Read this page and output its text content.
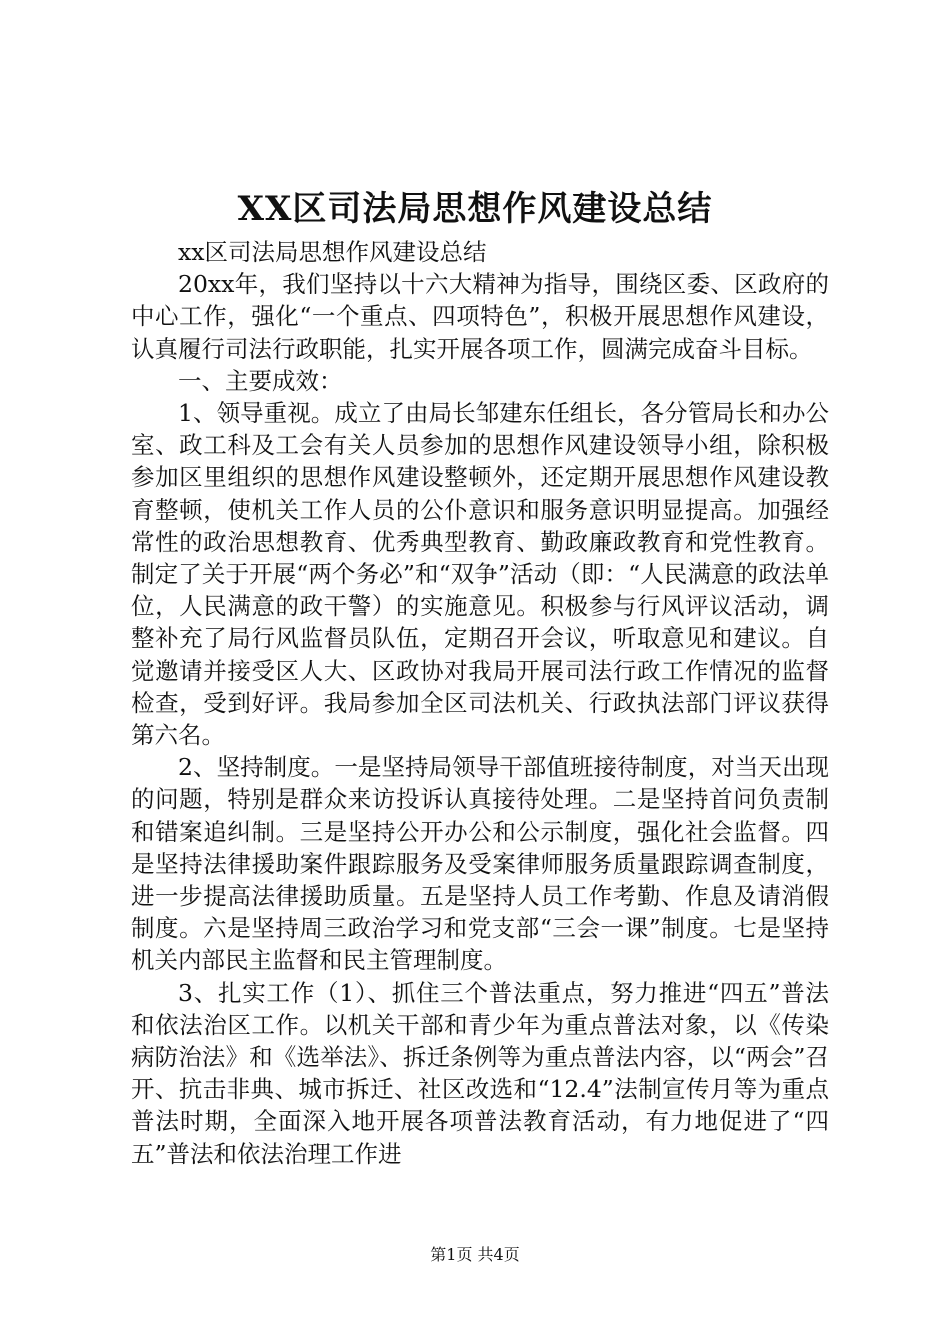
XX区司法局思想作风建设总结

xx区司法局思想作风建设总结

20xx年，我们坚持以十六大精神为指导，围绕区委、区政府的中心工作，强化“一个重点、四项特色”，积极开展思想作风建设，认真履行司法行政职能，扎实开展各项工作，圆满完成奋斗目标。

一、主要成效：

1、领导重视。成立了由局长邹建东任组长，各分管局长和办公室、政工科及工会有关人员参加的思想作风建设领导小组，除积极参加区里组织的思想作风建设整顿外，还定期开展思想作风建设教育整顿，使机关工作人员的公仆意识和服务意识明显提高。加强经常性的政治思想教育、优秀典型教育、勤政廉政教育和党性教育。制定了关于开展“两个务必”和“双争”活动（即：“人民满意的政法单位，人民满意的政干警）的实施意见。积极参与行风评议活动，调整补充了局行风监督员队伍，定期召开会议，听取意见和建议。自觉邀请并接受区人大、区政协对我局开展司法行政工作情况的监督检查，受到好评。我局参加全区司法机关、行政执法部门评议获得第六名。

2、坚持制度。一是坚持局领导干部值班接待制度，对当天出现的问题，特别是群众来访投诉认真接待处理。二是坚持首问负责制和错案追纠制。三是坚持公开办公和公示制度，强化社会监督。四是坚持法律援助案件跟踪服务及受案律师服务质量跟踪调查制度，进一步提高法律援助质量。五是坚持人员工作考勤、作息及请消假制度。六是坚持周三政治学习和党支部“三会一课”制度。七是坚持机关内部民主监督和民主管理制度。

3、扎实工作（1）、抓住三个普法重点，努力推进“四五”普法和依法治区工作。以机关干部和青少年为重点普法对象，以《传染病防治法》和《选举法》、拆迁条例等为重点普法内容，以“两会”召开、抗击非典、城市拆迁、社区改选和“12.4”法制宣传月等为重点普法时期，全面深入地开展各项普法教育活动，有力地促进了“四五”普法和依法治理工作进

第1页 共4页
